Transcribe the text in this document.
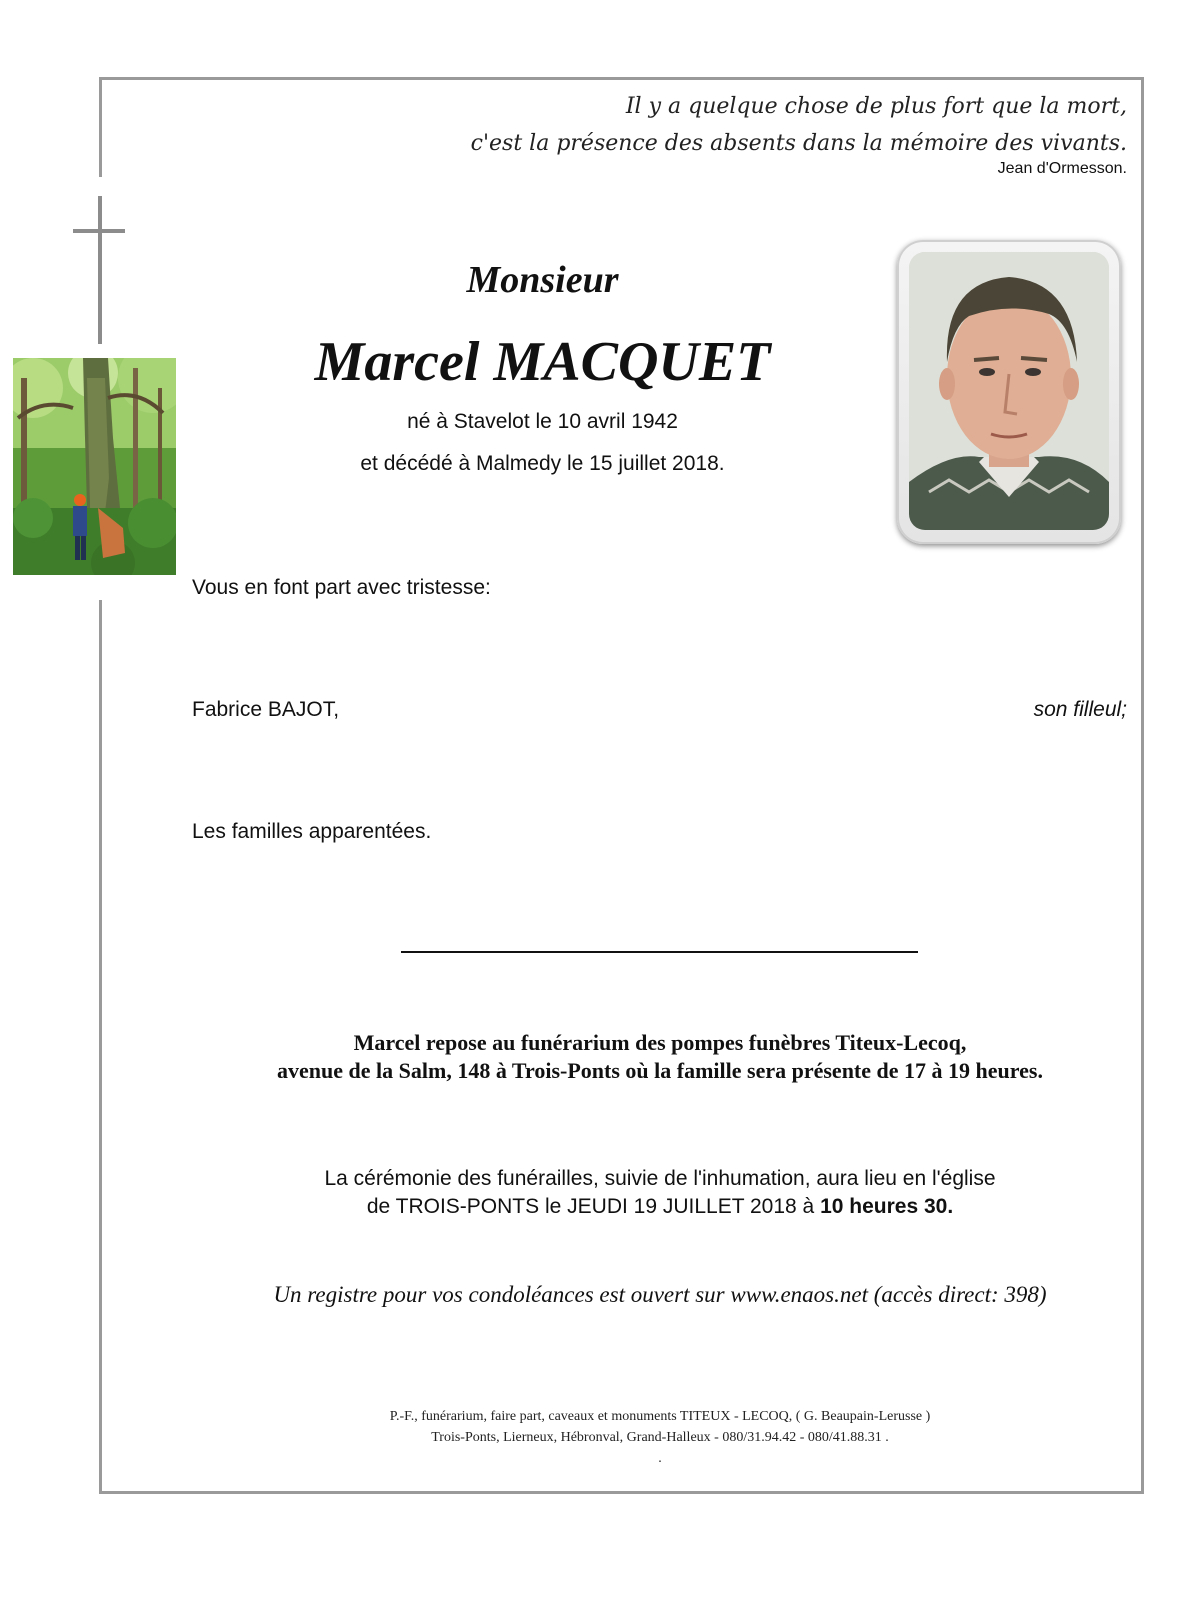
Il y a quelque chose de plus fort que la mort,
c'est la présence des absents dans la mémoire des vivants.
Jean d'Ormesson.
Monsieur
Marcel MACQUET
né à Stavelot le 10 avril 1942
et décédé à Malmedy le 15 juillet 2018.
Vous en font part avec tristesse:
Fabrice BAJOT,	son filleul;
Les familles apparentées.
Marcel repose au funérarium des pompes funèbres Titeux-Lecoq,
avenue de la Salm, 148 à Trois-Ponts où la famille sera présente de 17 à 19 heures.
La cérémonie des funérailles, suivie de l'inhumation, aura lieu en l'église
de TROIS-PONTS le JEUDI 19 JUILLET 2018 à 10 heures 30.
Un registre pour vos condoléances est ouvert sur www.enaos.net (accès direct: 398)
P.-F., funérarium, faire part, caveaux et monuments TITEUX - LECOQ, ( G. Beaupain-Lerusse )
Trois-Ponts, Lierneux, Hébronval, Grand-Halleux - 080/31.94.42 - 080/41.88.31 .
.
